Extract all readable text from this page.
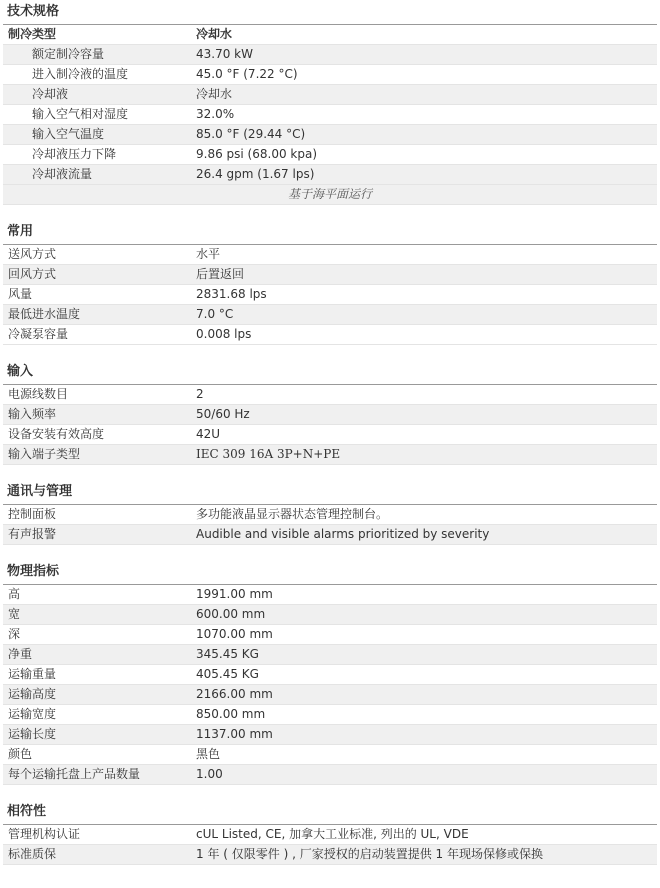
技术规格
制冷类型	冷却水
额定制冷容量	43.70 kW
进入制冷液的温度	45.0 °F (7.22 °C)
冷却液	冷却水
输入空气相对湿度	32.0%
输入空气温度	85.0 °F (29.44 °C)
冷却液压力下降	9.86 psi (68.00 kpa)
冷却液流量	26.4 gpm (1.67 lps)
基于海平面运行
常用
送风方式	水平
回风方式	后置返回
风量	2831.68 lps
最低进水温度	7.0 °C
冷凝泵容量	0.008 lps
输入
电源线数目	2
输入频率	50/60 Hz
设备安装有效高度	42U
输入端子类型	IEC 309 16A 3P+N+PE
通讯与管理
控制面板	多功能液晶显示器状态管理控制台。
有声报警	Audible and visible alarms prioritized by severity
物理指标
高	1991.00 mm
宽	600.00 mm
深	1070.00 mm
净重	345.45 KG
运输重量	405.45 KG
运输高度	2166.00 mm
运输宽度	850.00 mm
运输长度	1137.00 mm
颜色	黑色
每个运输托盘上产品数量	1.00
相符性
管理机构认证	cUL Listed, CE, 加拿大工业标准, 列出的 UL, VDE
标准质保	1 年 ( 仅限零件 ) , 厂家授权的启动装置提供 1 年现场保修或保换
